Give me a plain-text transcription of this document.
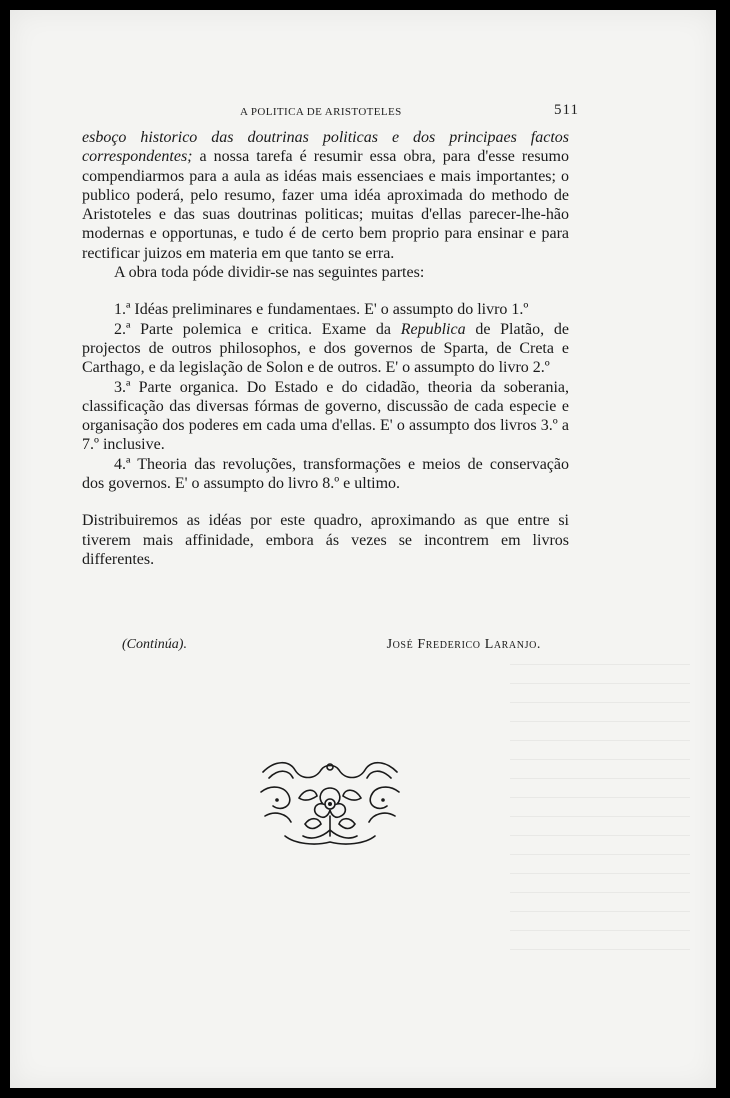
A POLITICA DE ARISTOTELES	511

esboço historico das doutrinas politicas e dos principaes factos correspondentes; a nossa tarefa é resumir essa obra, para d'esse resumo compendiarmos para a aula as idéas mais essenciaes e mais importantes; o publico poderá, pelo resumo, fazer uma idéa aproximada do methodo de Aristoteles e das suas doutrinas politicas; muitas d'ellas parecer-lhe-hão modernas e opportunas, e tudo é de certo bem proprio para ensinar e para rectificar juizos em materia em que tanto se erra.

A obra toda póde dividir-se nas seguintes partes:

1.ª Idéas preliminares e fundamentaes. E' o assumpto do livro 1.º

2.ª Parte polemica e critica. Exame da Republica de Platão, de projectos de outros philosophos, e dos governos de Sparta, de Creta e Carthago, e da legislação de Solon e de outros. E' o assumpto do livro 2.º

3.ª Parte organica. Do Estado e do cidadão, theoria da soberania, classificação das diversas fórmas de governo, discussão de cada especie e organisação dos poderes em cada uma d'ellas. E' o assumpto dos livros 3.º a 7.º inclusive.

4.ª Theoria das revoluções, transformações e meios de conservação dos governos. E' o assumpto do livro 8.º e ultimo.

Distribuiremos as idéas por este quadro, aproximando as que entre si tiverem mais affinidade, embora ás vezes se incontrem em livros differentes.

(Continúa).	José Frederico Laranjo.
